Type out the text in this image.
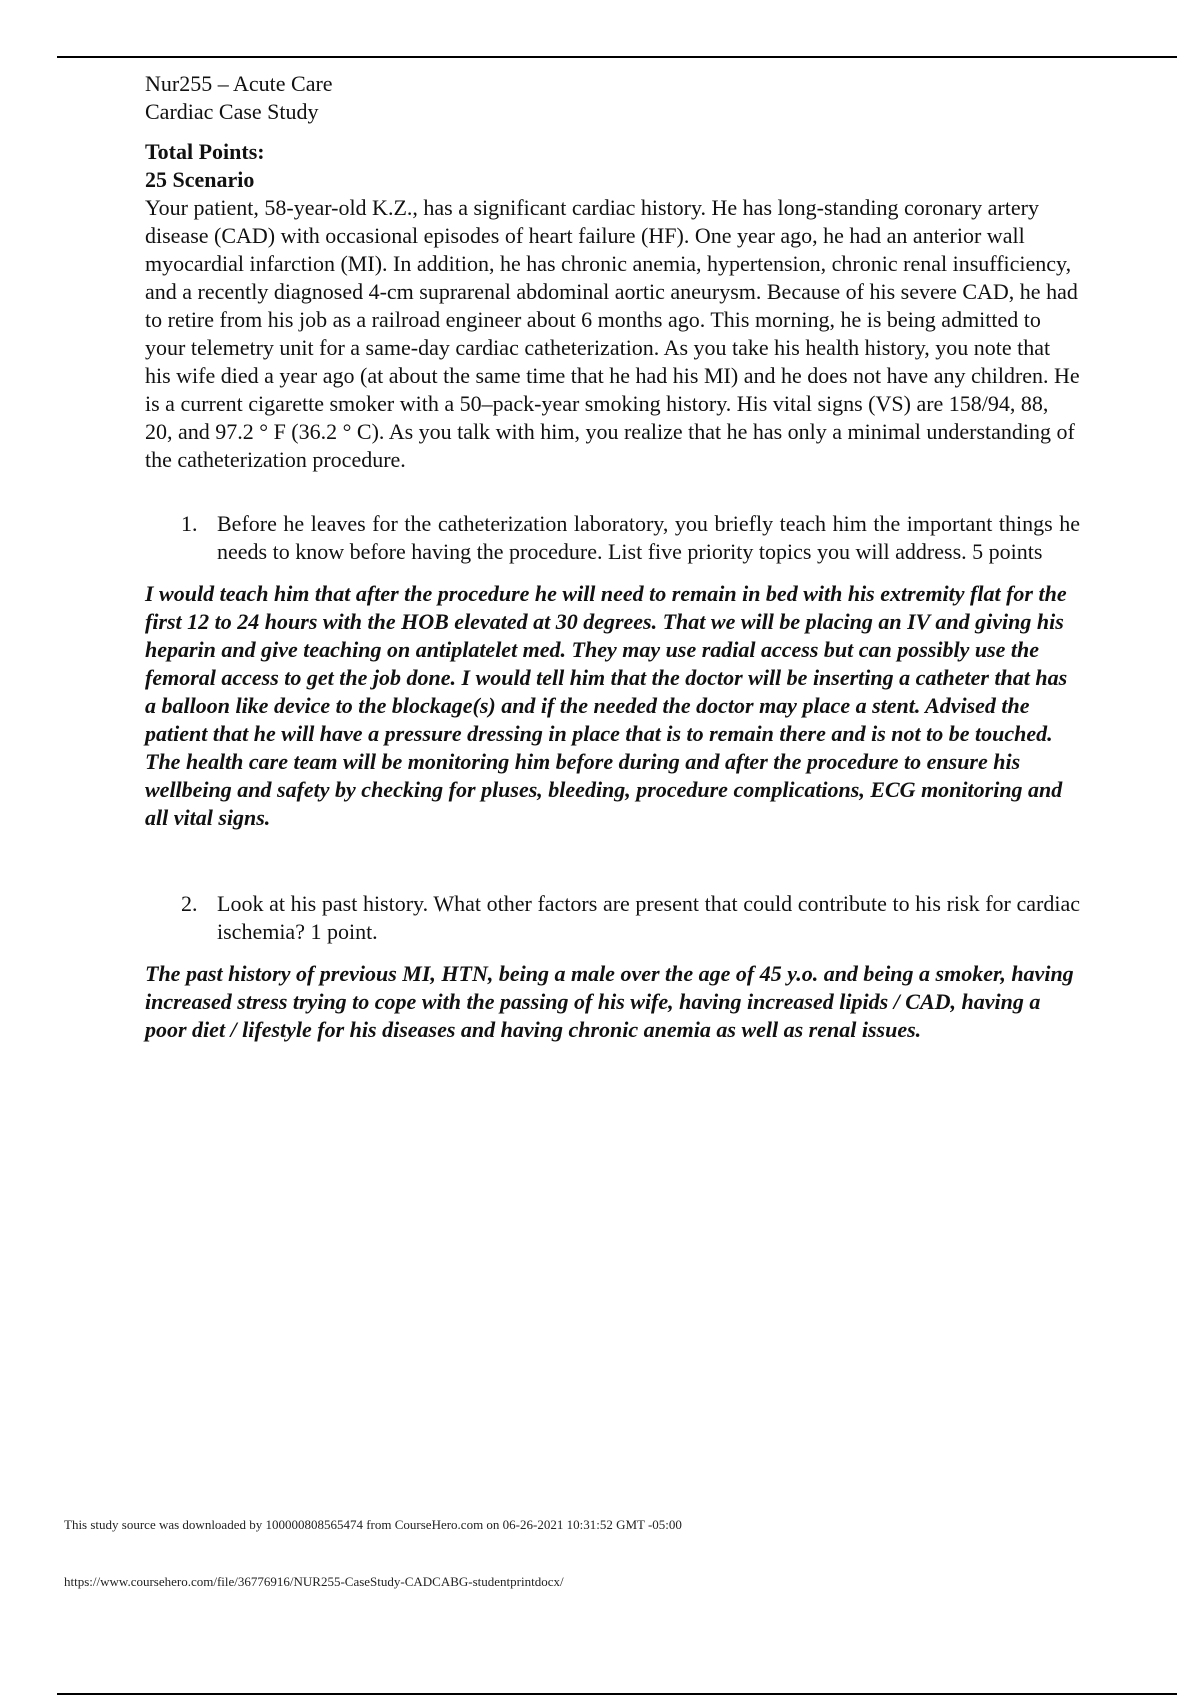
Nur255 – Acute Care
Cardiac Case Study
Total Points:
25 Scenario

Your patient, 58-year-old K.Z., has a significant cardiac history. He has long-standing coronary artery disease (CAD) with occasional episodes of heart failure (HF). One year ago, he had an anterior wall myocardial infarction (MI). In addition, he has chronic anemia, hypertension, chronic renal insufficiency, and a recently diagnosed 4-cm suprarenal abdominal aortic aneurysm. Because of his severe CAD, he had to retire from his job as a railroad engineer about 6 months ago. This morning, he is being admitted to your telemetry unit for a same-day cardiac catheterization. As you take his health history, you note that his wife died a year ago (at about the same time that he had his MI) and he does not have any children. He is a current cigarette smoker with a 50–pack-year smoking history. His vital signs (VS) are 158/94, 88, 20, and 97.2 ° F (36.2 ° C). As you talk with him, you realize that he has only a minimal understanding of the catheterization procedure.

1. Before he leaves for the catheterization laboratory, you briefly teach him the important things he needs to know before having the procedure. List five priority topics you will address. 5 points

I would teach him that after the procedure he will need to remain in bed with his extremity flat for the first 12 to 24 hours with the HOB elevated at 30 degrees. That we will be placing an IV and giving his heparin and give teaching on antiplatelet med. They may use radial access but can possibly use the femoral access to get the job done. I would tell him that the doctor will be inserting a catheter that has a balloon like device to the blockage(s) and if the needed the doctor may place a stent. Advised the patient that he will have a pressure dressing in place that is to remain there and is not to be touched. The health care team will be monitoring him before during and after the procedure to ensure his wellbeing and safety by checking for pluses, bleeding, procedure complications, ECG monitoring and all vital signs.

2. Look at his past history. What other factors are present that could contribute to his risk for cardiac ischemia? 1 point.

The past history of previous MI, HTN, being a male over the age of 45 y.o. and being a smoker, having increased stress trying to cope with the passing of his wife, having increased lipids / CAD, having a poor diet / lifestyle for his diseases and having chronic anemia as well as renal issues.

This study source was downloaded by 100000808565474 from CourseHero.com on 06-26-2021 10:31:52 GMT -05:00
https://www.coursehero.com/file/36776916/NUR255-CaseStudy-CADCABG-studentprintdocx/
